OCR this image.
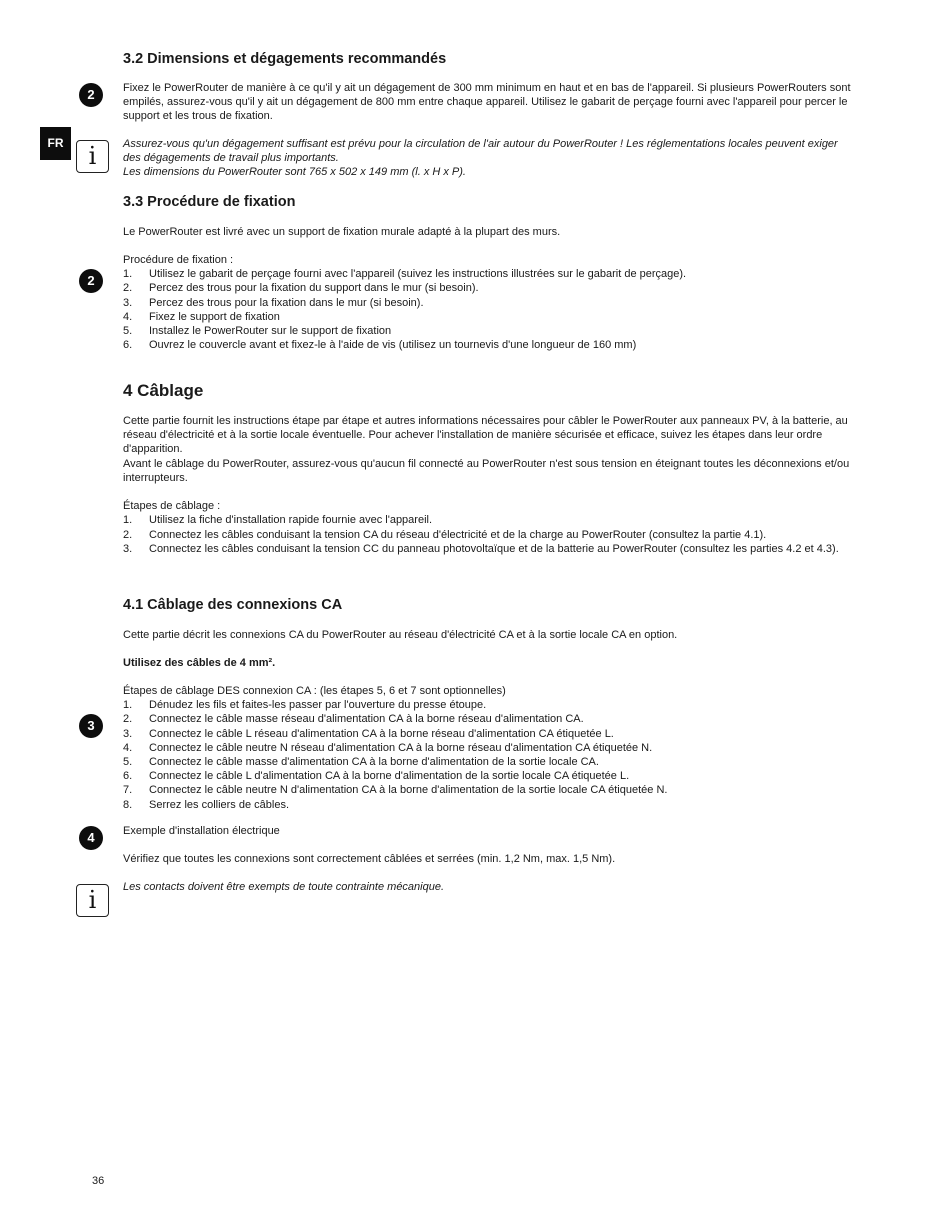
FR
3.2 Dimensions et dégagements recommandés
2	Fixez le PowerRouter de manière à ce qu'il y ait un dégagement de 300 mm minimum en haut et en bas de l'appareil. Si plusieurs PowerRouters sont empilés, assurez-vous qu'il y ait un dégagement de 800 mm entre chaque appareil. Utilisez le gabarit de perçage fourni avec l'appareil pour percer le support et les trous de fixation.

i	Assurez-vous qu'un dégagement suffisant est prévu pour la circulation de l'air autour du PowerRouter ! Les réglementations locales peuvent exiger des dégagements de travail plus importants.

Les dimensions du PowerRouter sont 765 x 502 x 149 mm (l. x H x P).

3.3 Procédure de fixation

Le PowerRouter est livré avec un support de fixation murale adapté à la plupart des murs.

2

Procédure de fixation :

1. Utilisez le gabarit de perçage fourni avec l'appareil (suivez les instructions illustrées sur le gabarit de perçage).
2. Percez des trous pour la fixation du support dans le mur (si besoin).
3. Percez des trous pour la fixation dans le mur (si besoin).
4. Fixez le support de fixation
5. Installez le PowerRouter sur le support de fixation
6. Ouvrez le couvercle avant et fixez-le à l'aide de vis (utilisez un tournevis d'une longueur de 160 mm)
4 Câblage

Cette partie fournit les instructions étape par étape et autres informations nécessaires pour câbler le PowerRouter aux panneaux PV, à la batterie, au réseau d'électricité et à la sortie locale éventuelle. Pour achever l'installation de manière sécurisée et efficace, suivez les étapes dans leur ordre d'apparition.

Avant le câblage du PowerRouter, assurez-vous qu'aucun fil connecté au PowerRouter n'est sous tension en éteignant toutes les déconnexions et/ou interrupteurs.

Étapes de câblage :

1. Utilisez la fiche d'installation rapide fournie avec l'appareil.
2. Connectez les câbles conduisant la tension CA du réseau d'électricité et de la charge au PowerRouter (consultez la partie 4.1).
3. Connectez les câbles conduisant la tension CC du panneau photovoltaïque et de la batterie au PowerRouter (consultez les parties 4.2 et 4.3).
4.1 Câblage des connexions CA

Cette partie décrit les connexions CA du PowerRouter au réseau d'électricité CA et à la sortie locale CA en option.

Utilisez des câbles de 4 mm².

3

Étapes de câblage DES connexion CA : (les étapes 5, 6 et 7 sont optionnelles)

1. Dénudez les fils et faites-les passer par l'ouverture du presse étoupe.
2. Connectez le câble masse réseau d'alimentation CA à la borne réseau d'alimentation CA.
3. Connectez le câble L réseau d'alimentation CA à la borne réseau d'alimentation CA étiquetée L.
4. Connectez le câble neutre N réseau d'alimentation CA à la borne réseau d'alimentation CA étiquetée N.
5. Connectez le câble masse d'alimentation CA à la borne d'alimentation de la sortie locale CA.
6. Connectez le câble L d'alimentation CA à la borne d'alimentation de la sortie locale CA étiquetée L.
7. Connectez le câble neutre N d'alimentation CA à la borne d'alimentation de la sortie locale CA étiquetée N.
8. Serrez les colliers de câbles.
4	Exemple d'installation électrique

Vérifiez que toutes les connexions sont correctement câblées et serrées (min. 1,2 Nm, max. 1,5 Nm).

i	Les contacts doivent être exempts de toute contrainte mécanique.

36
